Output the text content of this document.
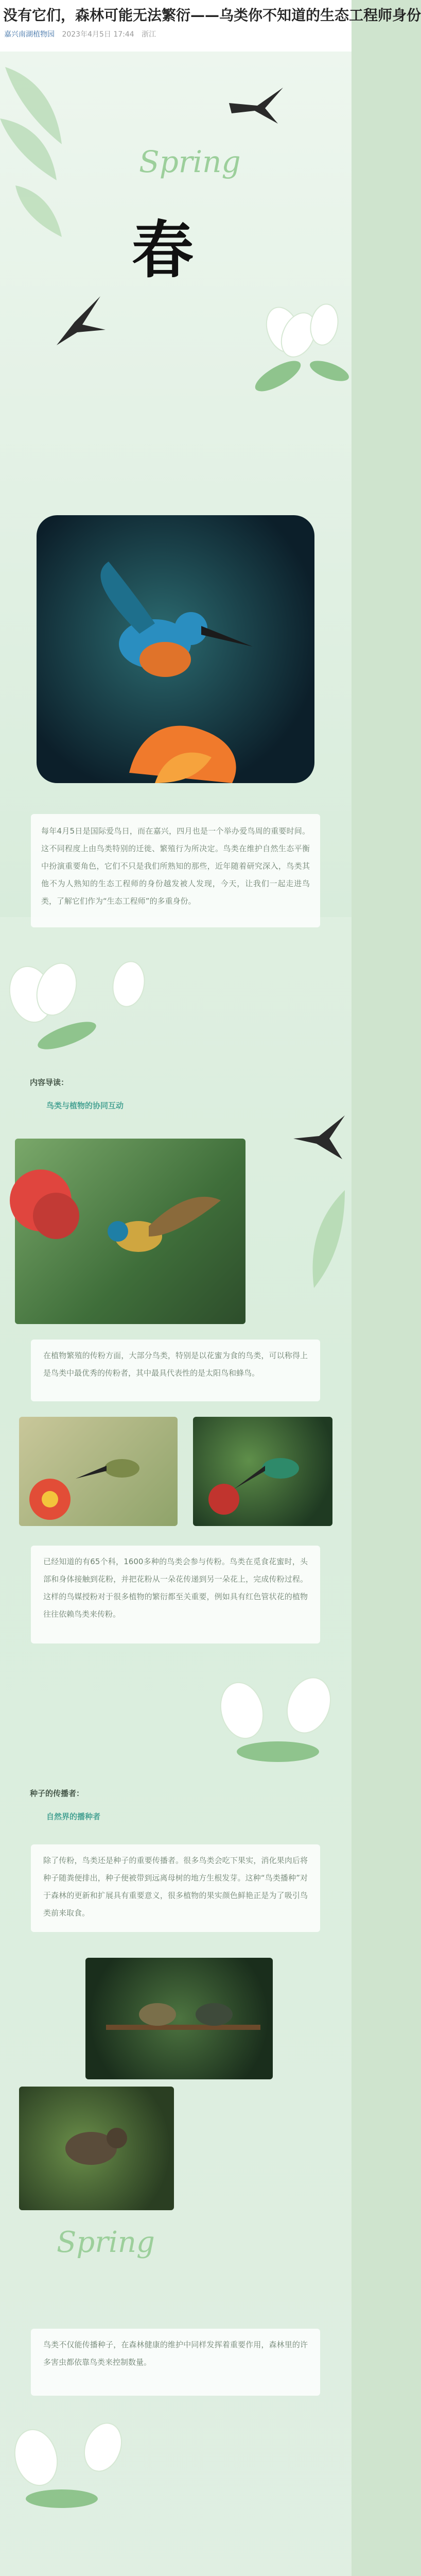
没有它们，森林可能无法繁衍——乌类你不知道的生态工程师身份
嘉兴南湖植物园 2023年4月5日 17:44 浙江
Spring
春

每年4月5日是国际爱鸟日，而在嘉兴，四月也是一个举办爱鸟周的重要时间。这不同程度上由鸟类特别的迁徙、繁殖行为所决定。鸟类在维护自然生态平衡中扮演重要角色，它们不只是我们所熟知的那些，近年随着研究深入，鸟类其他不为人熟知的生态工程师的身份越发被人发现，今天，让我们一起走进鸟类，了解它们作为“生态工程师”的多重身份。

内容导读：
鸟类与植物的协同互动

在植物繁殖的传粉方面，大部分鸟类，特别是以花蜜为食的鸟类，可以称得上是鸟类中最优秀的传粉者，其中最具代表性的是太阳鸟和蜂鸟。

已经知道的有65个科，1600多种的鸟类会参与传粉。鸟类在觅食花蜜时，头部和身体接触到花粉，并把花粉从一朵花传递到另一朵花上，完成传粉过程。这样的鸟媒授粉对于很多植物的繁衍都至关重要，例如具有红色管状花的植物往往依赖鸟类来传粉。

种子的传播者：
自然界的播种者

除了传粉，鸟类还是种子的重要传播者。很多鸟类会吃下果实，消化果肉后将种子随粪便排出，种子便被带到远离母树的地方生根发芽。这种“鸟类播种”对于森林的更新和扩展具有重要意义，很多植物的果实颜色鲜艳正是为了吸引鸟类前来取食。

Spring

鸟类不仅能传播种子，在森林健康的维护中同样发挥着重要作用，森林里的许多害虫都依靠鸟类来控制数量。
